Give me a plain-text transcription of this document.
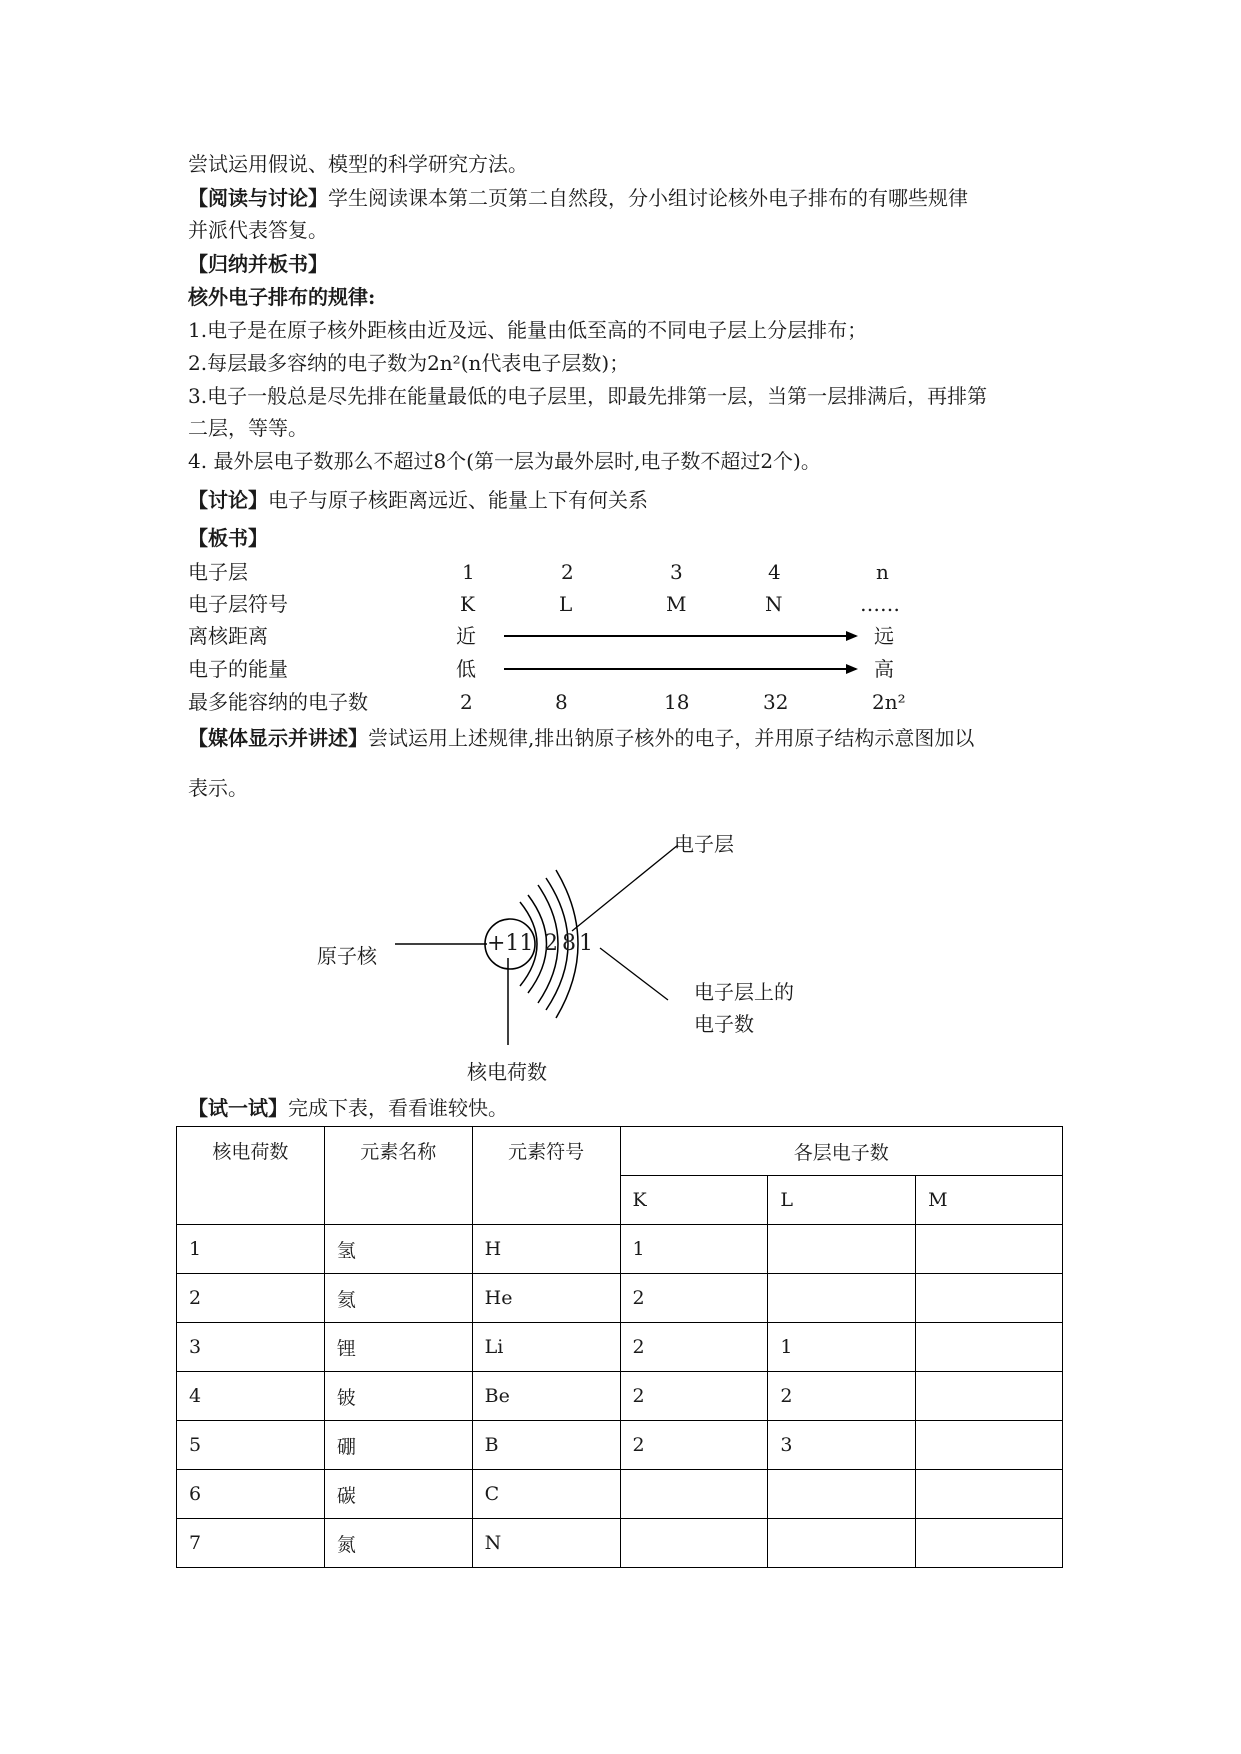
尝试运用假说、模型的科学研究方法。
【阅读与讨论】学生阅读课本第二页第二自然段，分小组讨论核外电子排布的有哪些规律
并派代表答复。
【归纳并板书】
核外电子排布的规律:
1.电子是在原子核外距核由近及远、能量由低至高的不同电子层上分层排布；
2.每层最多容纳的电子数为2n²(n代表电子层数)；
3.电子一般总是尽先排在能量最低的电子层里，即最先排第一层，当第一层排满后，再排第
二层，等等。
4. 最外层电子数那么不超过8个(第一层为最外层时,电子数不超过2个)。
【讨论】电子与原子核距离远近、能量上下有何关系
【板书】
电子层	1	2	3	4	n
电子层符号	K	L	M	N	……
离核距离	近	远
电子的能量	低	高
最多能容纳的电子数	2	8	18	32	2n²
【媒体显示并讲述】尝试运用上述规律,排出钠原子核外的电子，并用原子结构示意图加以
表示。
+11 2 8 1
电子层
原子核
电子层上的
电子数
核电荷数
【试一试】完成下表，看看谁较快。
核电荷数	元素名称	元素符号	各层电子数		
			K	L	M
1	氢	H	1		
2	氦	He	2		
3	锂	Li	2	1	
4	铍	Be	2	2	
5	硼	B	2	3	
6	碳	C			
7	氮	N			
